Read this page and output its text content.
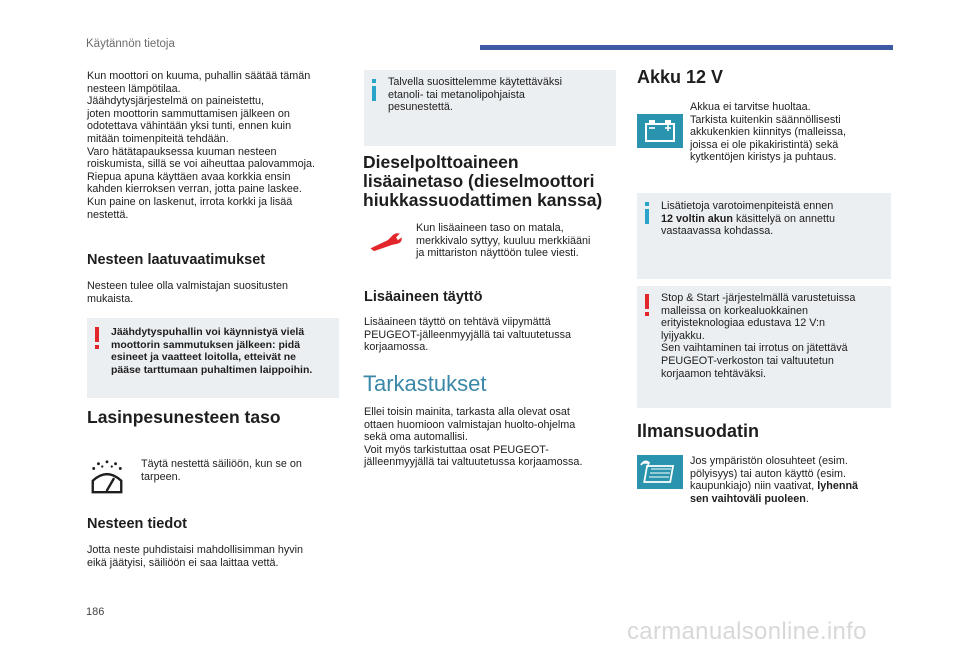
Käytännön tietoja

Kun moottori on kuuma, puhallin säätää tämän

nesteen lämpötilaa.

Jäähdytysjärjestelmä on paineistettu,

joten moottorin sammuttamisen jälkeen on

odotettava vähintään yksi tunti, ennen kuin

mitään toimenpiteitä tehdään.

Varo hätätapauksessa kuuman nesteen

roiskumista, sillä se voi aiheuttaa palovammoja.

Riepua apuna käyttäen avaa korkkia ensin

kahden kierroksen verran, jotta paine laskee.

Kun paine on laskenut, irrota korkki ja lisää

nestettä.

Nesteen laatuvaatimukset

Nesteen tulee olla valmistajan suositusten

mukaista.

Jäähdytyspuhallin voi käynnistyä vielä

moottorin sammutuksen jälkeen: pidä

esineet ja vaatteet loitolla, etteivät ne

pääse tarttumaan puhaltimen laippoihin.

Lasinpesunesteen taso

Täytä nestettä säiliöön, kun se on

tarpeen.

Nesteen tiedot

Jotta neste puhdistaisi mahdollisimman hyvin

eikä jäätyisi, säiliöön ei saa laittaa vettä.

186

Talvella suosittelemme käytettäväksi

etanoli- tai metanolipohjaista

pesunestettä.

Dieselpolttoaineen
lisäainetaso (dieselmoottori
hiukkassuodattimen kanssa)

Kun lisäaineen taso on matala,

merkkivalo syttyy, kuuluu merkkiääni

ja mittariston näyttöön tulee viesti.

Lisäaineen täyttö

Lisäaineen täyttö on tehtävä viipymättä

PEUGEOT-jälleenmyyjällä tai valtuutetussa

korjaamossa.

Tarkastukset

Ellei toisin mainita, tarkasta alla olevat osat

ottaen huomioon valmistajan huolto-ohjelma

sekä oma automallisi.

Voit myös tarkistuttaa osat PEUGEOT-

jälleenmyyjällä tai valtuutetussa korjaamossa.

Akku 12 V

Akkua ei tarvitse huoltaa.

Tarkista kuitenkin säännöllisesti

akkukenkien kiinnitys (malleissa,

joissa ei ole pikakiristintä) sekä

kytkentöjen kiristys ja puhtaus.

Lisätietoja varotoimenpiteistä ennen

12 voltin akun käsittelyä on annettu

vastaavassa kohdassa.

Stop & Start -järjestelmällä varustetuissa

malleissa on korkealuokkainen

erityisteknologiaa edustava 12 V:n

lyijyakku.

Sen vaihtaminen tai irrotus on jätettävä

PEUGEOT-verkoston tai valtuutetun

korjaamon tehtäväksi.

Ilmansuodatin

Jos ympäristön olosuhteet (esim.

pölyisyys) tai auton käyttö (esim.

kaupunkiajo) niin vaativat, lyhennä

sen vaihtoväli puoleen.

carmanualsonline.info
